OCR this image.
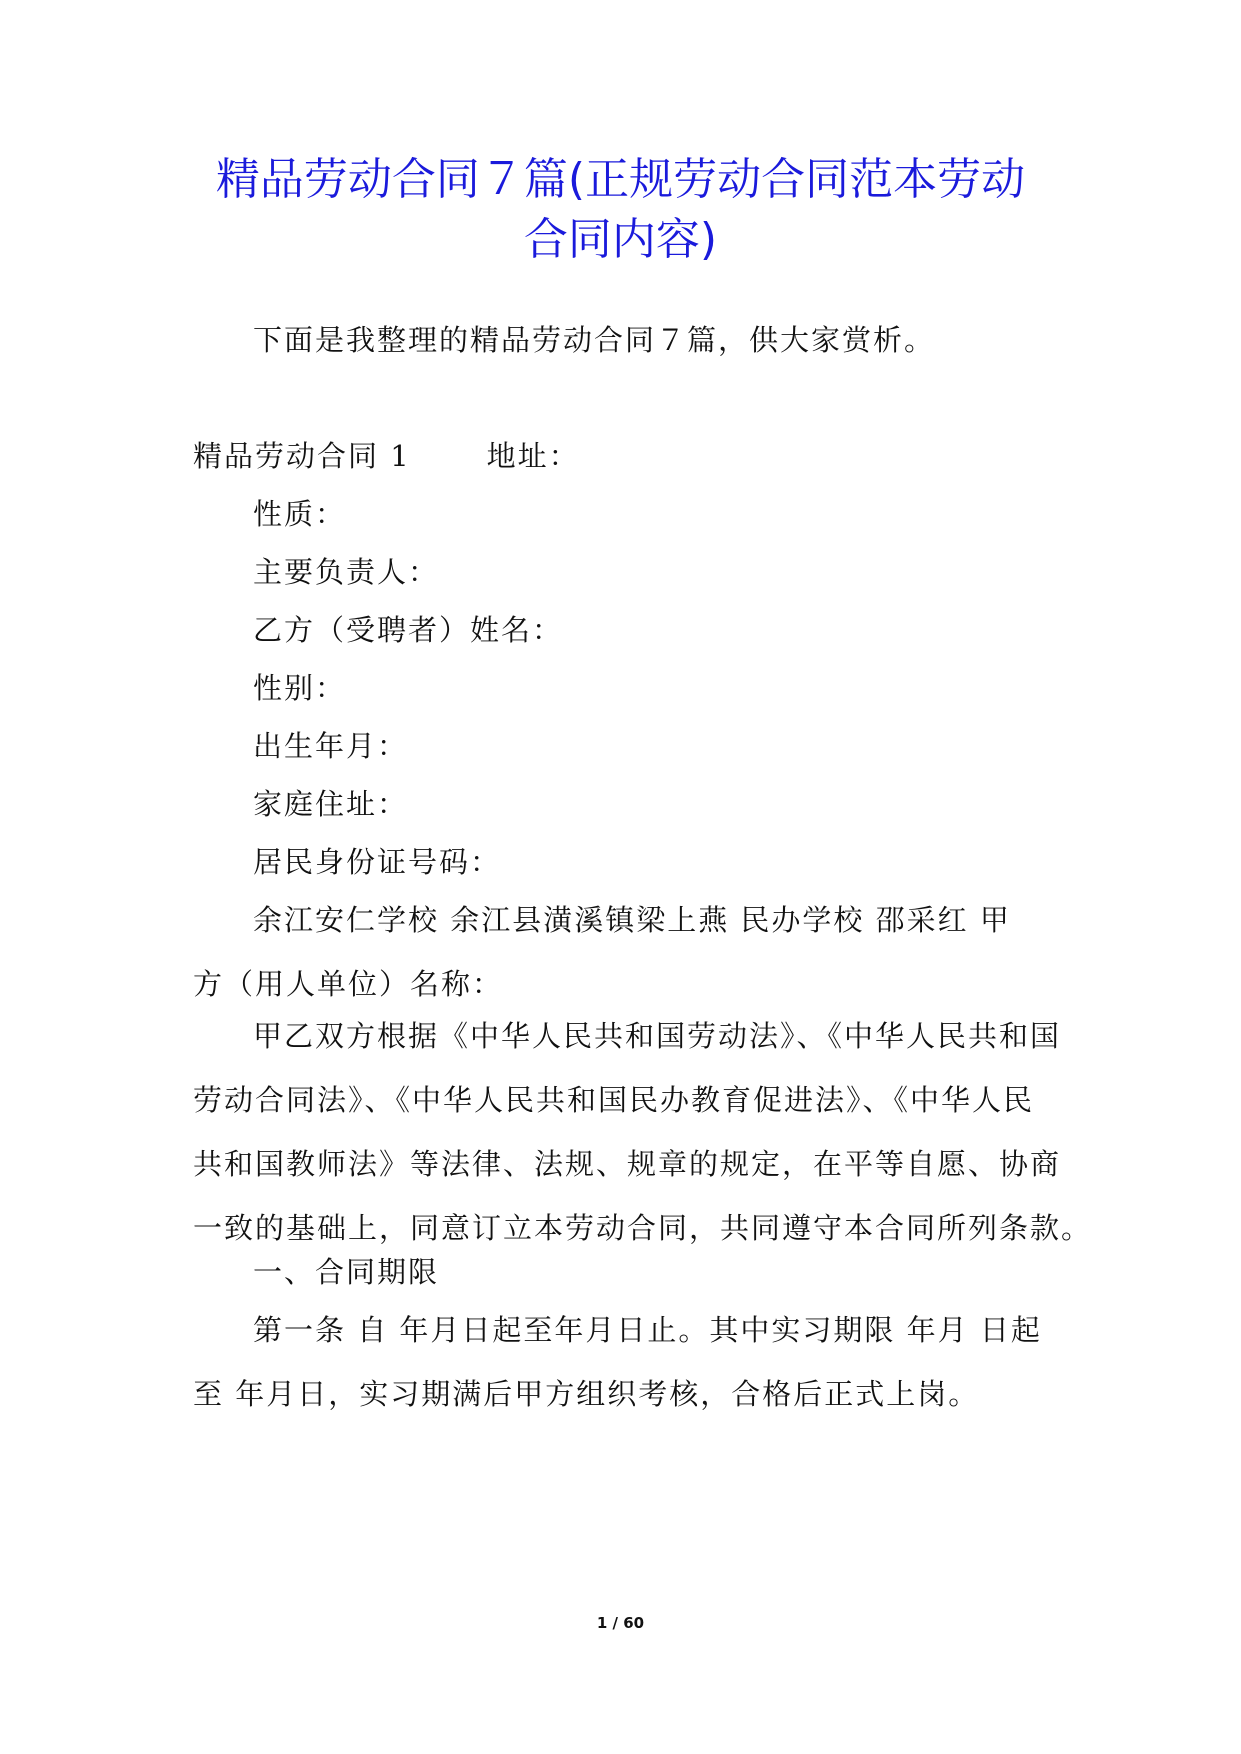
精品劳动合同７篇(正规劳动合同范本劳动
合同内容)

下面是我整理的精品劳动合同７篇，供大家赏析。

精品劳动合同 1	地址：

性质：

主要负责人：

乙方（受聘者）姓名：

性别：

出生年月：

家庭住址：

居民身份证号码：

余江安仁学校 余江县潢溪镇梁上燕 民办学校 邵采红 甲
方（用人单位）名称：
甲乙双方根据《中华人民共和国劳动法》、《中华人民共和国
劳动合同法》、《中华人民共和国民办教育促进法》、《中华人民
共和国教师法》等法律、法规、规章的规定，在平等自愿、协商
一致的基础上，同意订立本劳动合同，共同遵守本合同所列条款。

一、合同期限

第一条 自 年月日起至年月日止。其中实习期限 年月 日起
至 年月日，实习期满后甲方组织考核，合格后正式上岗。
1 / 60
